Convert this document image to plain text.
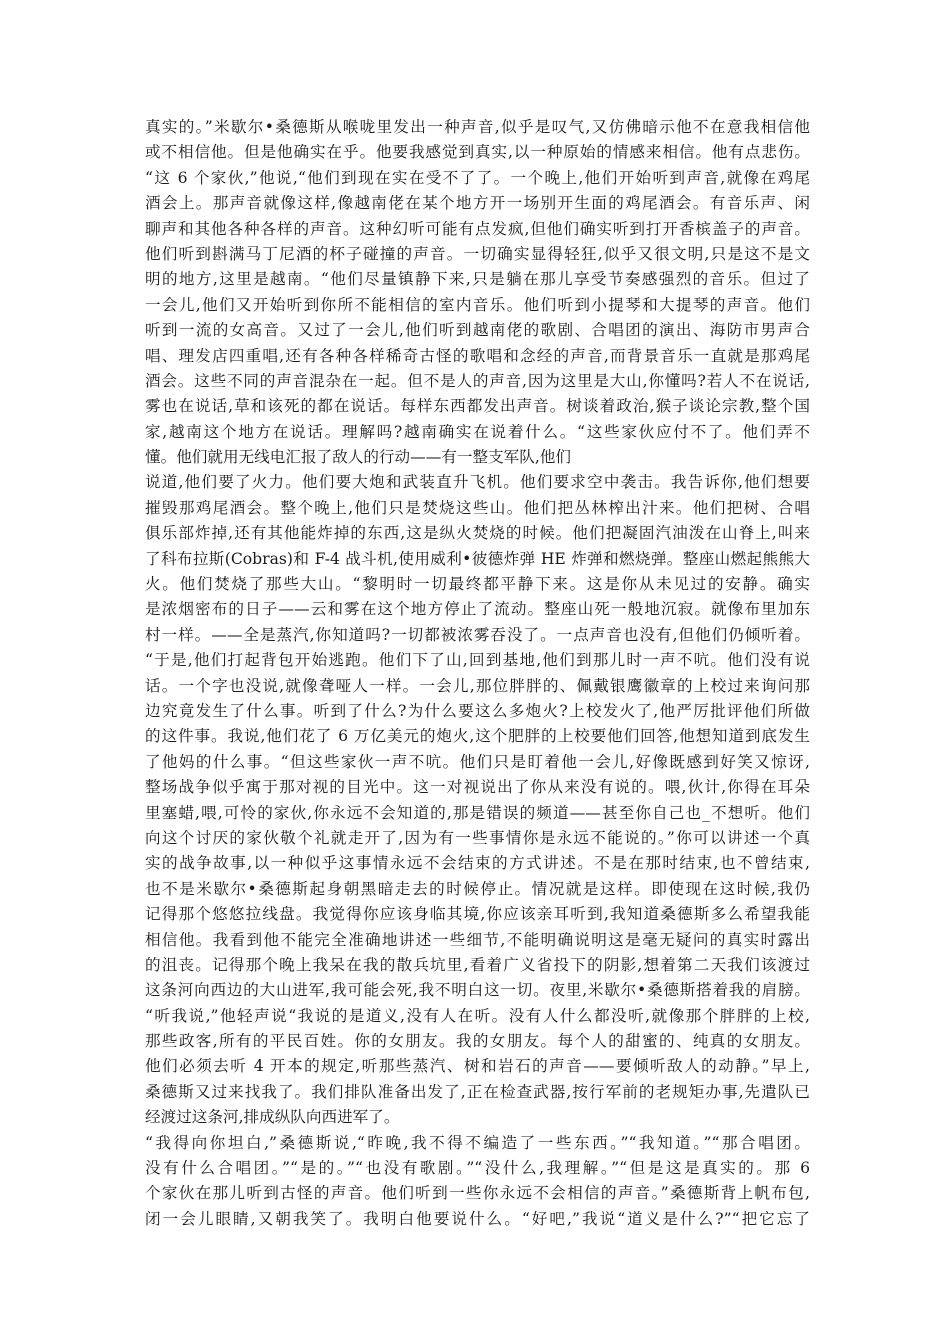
真实的。”米歇尔•桑德斯从喉咙里发出一种声音,似乎是叹气,又仿佛暗示他不在意我相信他
或不相信他。但是他确实在乎。他要我感觉到真实,以一种原始的情感来相信。他有点悲伤。
“这 6 个家伙,”他说,“他们到现在实在受不了了。一个晚上,他们开始听到声音,就像在鸡尾
酒会上。那声音就像这样,像越南佬在某个地方开一场别开生面的鸡尾酒会。有音乐声、闲
聊声和其他各种各样的声音。这种幻听可能有点发疯,但他们确实听到打开香槟盖子的声音。
他们听到斟满马丁尼酒的杯子碰撞的声音。一切确实显得轻狂,似乎又很文明,只是这不是文
明的地方,这里是越南。“他们尽量镇静下来,只是躺在那儿享受节奏感强烈的音乐。但过了
一会儿,他们又开始听到你所不能相信的室内音乐。他们听到小提琴和大提琴的声音。他们
听到一流的女高音。又过了一会儿,他们听到越南佬的歌剧、合唱团的演出、海防市男声合
唱、理发店四重唱,还有各种各样稀奇古怪的歌唱和念经的声音,而背景音乐一直就是那鸡尾
酒会。这些不同的声音混杂在一起。但不是人的声音,因为这里是大山,你懂吗?若人不在说话,
雾也在说话,草和该死的都在说话。每样东西都发出声音。树谈着政治,猴子谈论宗教,整个国
家,越南这个地方在说话。理解吗?越南确实在说着什么。“这些家伙应付不了。他们弄不
懂。他们就用无线电汇报了敌人的行动——有一整支军队,他们
说道,他们要了火力。他们要大炮和武装直升飞机。他们要求空中袭击。我告诉你,他们想要
摧毁那鸡尾酒会。整个晚上,他们只是焚烧这些山。他们把丛林榨出汁来。他们把树、合唱
俱乐部炸掉,还有其他能炸掉的东西,这是纵火焚烧的时候。他们把凝固汽油泼在山脊上,叫来
了科布拉斯(Cobras)和 F-4 战斗机,使用威利•彼德炸弹 HE 炸弹和燃烧弹。整座山燃起熊熊大
火。他们焚烧了那些大山。“黎明时一切最终都平静下来。这是你从未见过的安静。确实
是浓烟密布的日子——云和雾在这个地方停止了流动。整座山死一般地沉寂。就像布里加东
村一样。——全是蒸汽,你知道吗?一切都被浓雾吞没了。一点声音也没有,但他们仍倾听着。
“于是,他们打起背包开始逃跑。他们下了山,回到基地,他们到那儿时一声不吭。他们没有说
话。一个字也没说,就像聋哑人一样。一会儿,那位胖胖的、佩戴银鹰徽章的上校过来询问那
边究竟发生了什么事。听到了什么?为什么要这么多炮火?上校发火了,他严厉批评他们所做
的这件事。我说,他们花了 6 万亿美元的炮火,这个肥胖的上校要他们回答,他想知道到底发生
了他妈的什么事。“但这些家伙一声不吭。他们只是盯着他一会儿,好像既感到好笑又惊讶,
整场战争似乎寓于那对视的目光中。这一对视说出了你从来没有说的。喂,伙计,你得在耳朵
里塞蜡,喂,可怜的家伙,你永远不会知道的,那是错误的频道——甚至你自己也_不想听。他们
向这个讨厌的家伙敬个礼就走开了,因为有一些事情你是永远不能说的。”你可以讲述一个真
实的战争故事,以一种似乎这事情永远不会结束的方式讲述。不是在那时结束,也不曾结束,
也不是米歇尔•桑德斯起身朝黑暗走去的时候停止。情况就是这样。即使现在这时候,我仍
记得那个悠悠拉线盘。我觉得你应该身临其境,你应该亲耳听到,我知道桑德斯多么希望我能
相信他。我看到他不能完全准确地讲述一些细节,不能明确说明这是毫无疑问的真实时露出
的沮丧。记得那个晚上我呆在我的散兵坑里,看着广义省投下的阴影,想着第二天我们该渡过
这条河向西边的大山进军,我可能会死,我不明白这一切。夜里,米歇尔•桑德斯搭着我的肩膀。
“听我说,”他轻声说“我说的是道义,没有人在听。没有人什么都没听,就像那个胖胖的上校,
那些政客,所有的平民百姓。你的女朋友。我的女朋友。每个人的甜蜜的、纯真的女朋友。
他们必须去听 4 开本的规定,听那些蒸汽、树和岩石的声音——要倾听敌人的动静。”早上,
桑德斯又过来找我了。我们排队准备出发了,正在检查武器,按行军前的老规矩办事,先遣队已
经渡过这条河,排成纵队向西进军了。
“我得向你坦白,”桑德斯说,“昨晚,我不得不编造了一些东西。”“我知道。”“那合唱团。
没有什么合唱团。”“是的。”“也没有歌剧。”“没什么,我理解。”“但是这是真实的。那 6
个家伙在那儿听到古怪的声音。他们听到一些你永远不会相信的声音。”桑德斯背上帆布包,
闭一会儿眼睛,又朝我笑了。我明白他要说什么。“好吧,”我说“道义是什么?”“把它忘了
